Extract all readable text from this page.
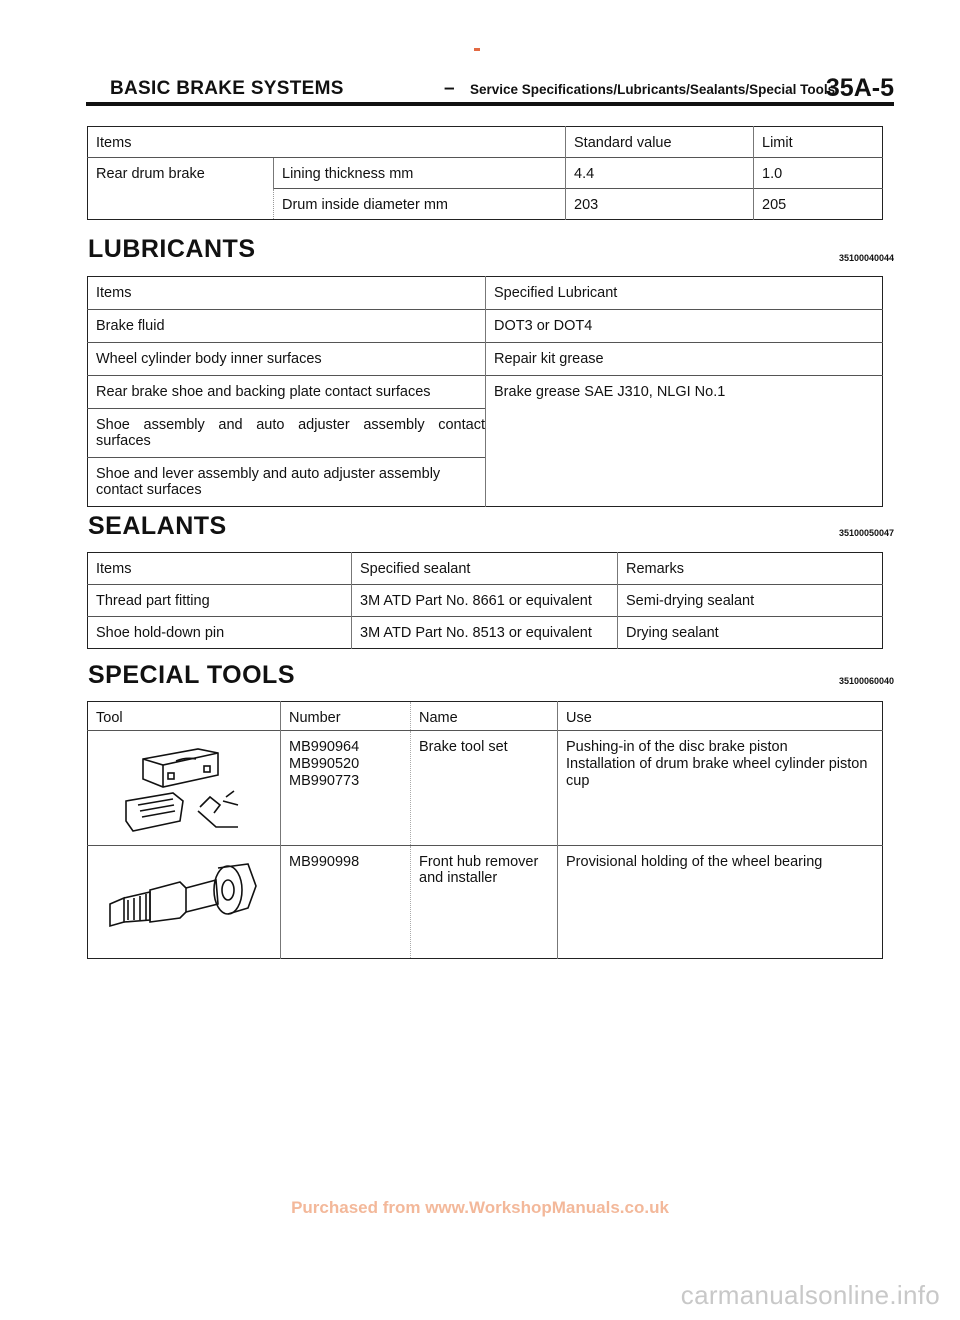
BASIC BRAKE SYSTEMS	– Service Specifications/Lubricants/Sealants/Special Tools
35A-5
Items		Standard value	Limit
Rear drum brake	Lining thickness mm	4.4	1.0
	Drum inside diameter mm	203	205
LUBRICANTS	35100040044
Items	Specified Lubricant
Brake fluid	DOT3 or DOT4
Wheel cylinder body inner surfaces	Repair kit grease
Rear brake shoe and backing plate contact surfaces	Brake grease SAE J310, NLGI No.1
Shoe assembly and auto adjuster assembly contact surfaces	
Shoe and lever assembly and auto adjuster assembly contact surfaces	
SEALANTS	35100050047
Items	Specified sealant	Remarks
Thread part fitting	3M ATD Part No. 8661 or equivalent	Semi-drying sealant
Shoe hold-down pin	3M ATD Part No. 8513 or equivalent	Drying sealant
SPECIAL TOOLS	35100060040
Tool	Number	Name	Use
	MB990964
MB990520
MB990773	Brake tool set	Pushing-in of the disc brake piston
Installation of drum brake wheel cylinder piston cup
	MB990998	Front hub remover and installer	Provisional holding of the wheel bearing
Purchased from www.WorkshopManuals.co.uk
carmanualsonline.info
